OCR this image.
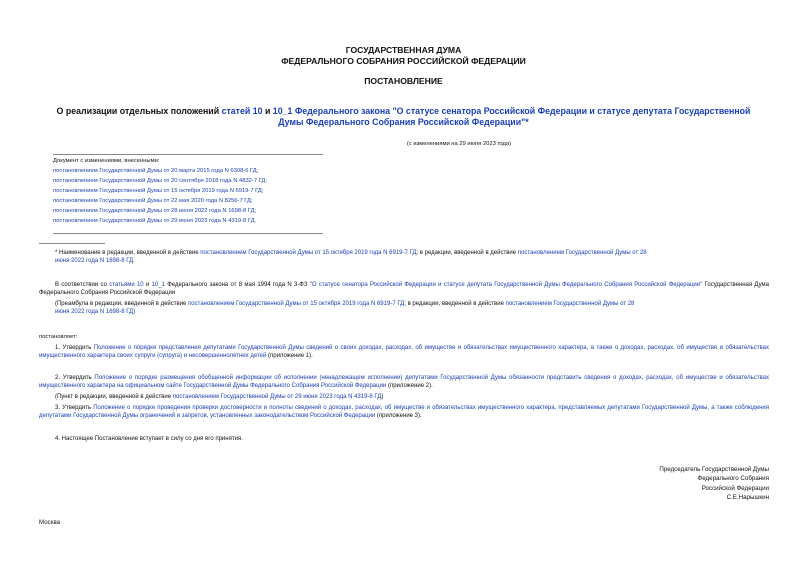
ГОСУДАРСТВЕННАЯ ДУМА
ФЕДЕРАЛЬНОГО СОБРАНИЯ РОССИЙСКОЙ ФЕДЕРАЦИИ
ПОСТАНОВЛЕНИЕ
О реализации отдельных положений статей 10 и 10_1 Федерального закона "О статусе сенатора Российской Федерации и статусе депутата Государственной
Думы Федерального Собрания Российской Федерации"*
(с изменениями на 29 июня 2023 года)
Документ с изменениями, внесенными:
постановлением Государственной Думы от 20 марта 2015 года N 6308-6 ГД;
постановлением Государственной Думы от 20 сентября 2018 года N 4832-7 ГД;
постановлением Государственной Думы от 15 октября 2019 года N 6919-7 ГД;
постановлением Государственной Думы от 22 мая 2020 года N 8256-7 ГД;
постановлением Государственной Думы от 28 июня 2022 года N 1698-8 ГД;
постановлением Государственной Думы от 29 июня 2023 года N 4319-8 ГД.
* Наименование в редакции, введенной в действие постановлением Государственной Думы от 15 октября 2019 года N 6919-7 ГД; в редакции, введенной в действие постановлением Государственной Думы от 28
июня 2022 года N 1698-8 ГД.
В соответствии со статьями 10 и 10_1 Федерального закона от 8 мая 1994 года N 3-ФЗ "О статусе сенатора Российской Федерации и статусе депутата Государственной Думы Федерального Собрания Российской Федерации" Государственная Дума Федерального Собрания Российской Федерации
(Преамбула в редакции, введенной в действие постановлением Государственной Думы от 15 октября 2019 года N 6919-7 ГД; в редакции, введенной в действие постановлением Государственной Думы от 28
июня 2022 года N 1698-8 ГД)
постановляет:
1. Утвердить Положение о порядке представления депутатами Государственной Думы сведений о своих доходах, расходах, об имуществе и обязательствах имущественного характера, а также о доходах, расходах, об имуществе и обязательствах имущественного характера своих супруги (супруга) и несовершеннолетних детей (приложение 1).
2. Утвердить Положение о порядке размещения обобщенной информации об исполнении (ненадлежащем исполнении) депутатами Государственной Думы обязанности представить сведения о доходах, расходах, об имуществе и обязательствах имущественного характера на официальном сайте Государственной Думы Федерального Собрания Российской Федерации (приложение 2).
(Пункт в редакции, введенной в действие постановлением Государственной Думы от 29 июня 2023 года N 4319-8 ГД)
3. Утвердить Положение о порядке проведения проверки достоверности и полноты сведений о доходах, расходах, об имуществе и обязательствах имущественного характера, представляемых депутатами Государственной Думы, а также соблюдения депутатами Государственной Думы ограничений и запретов, установленных законодательством Российской Федерации (приложение 3).
4. Настоящее Постановление вступает в силу со дня его принятия.
Председатель Государственной Думы
Федерального Собрания
Российской Федерации
С.Е.Нарышкин
Москва
